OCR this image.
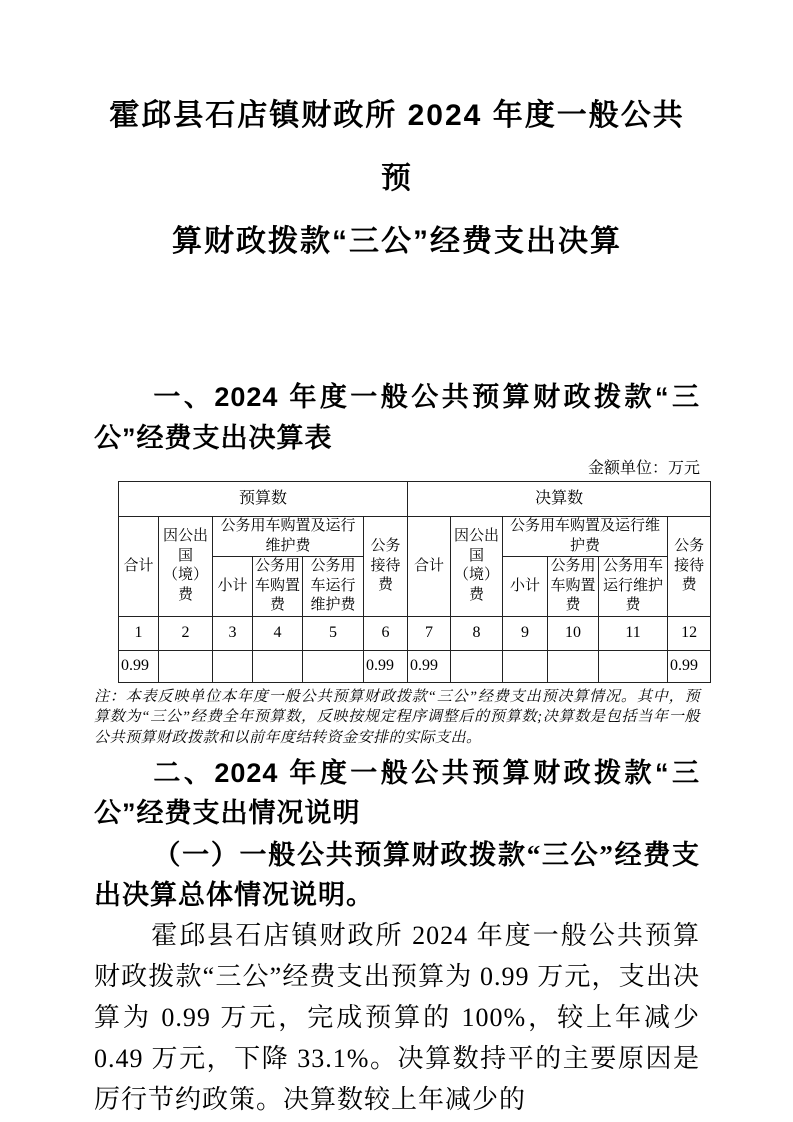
霍邱县石店镇财政所 2024 年度一般公共预
算财政拨款“三公”经费支出决算

一、2024 年度一般公共预算财政拨款“三公”经费支出决算表

金额单位：万元

预算数						决算数					
合计	因公出国（境）费	公务用车购置及运行维护费			公务接待费	合计	因公出国（境）费	公务用车购置及运行维护费			公务接待费
		小计	公务用车购置费	公务用车运行维护费				小计	公务用车购置费	公务用车运行维护费	
1	2	3	4	5	6	7	8	9	10	11	12
0.99					0.99	0.99					0.99

注：本表反映单位本年度一般公共预算财政拨款“三公”经费支出预决算情况。其中，预算数为“三公”经费全年预算数，反映按规定程序调整后的预算数;决算数是包括当年一般公共预算财政拨款和以前年度结转资金安排的实际支出。

二、2024 年度一般公共预算财政拨款“三公”经费支出情况说明

（一）一般公共预算财政拨款“三公”经费支出决算总体情况说明。

霍邱县石店镇财政所 2024 年度一般公共预算财政拨款“三公”经费支出预算为 0.99 万元，支出决算为 0.99 万元，完成预算的 100%，较上年减少 0.49 万元，下降 33.1%。决算数持平的主要原因是厉行节约政策。决算数较上年减少的
